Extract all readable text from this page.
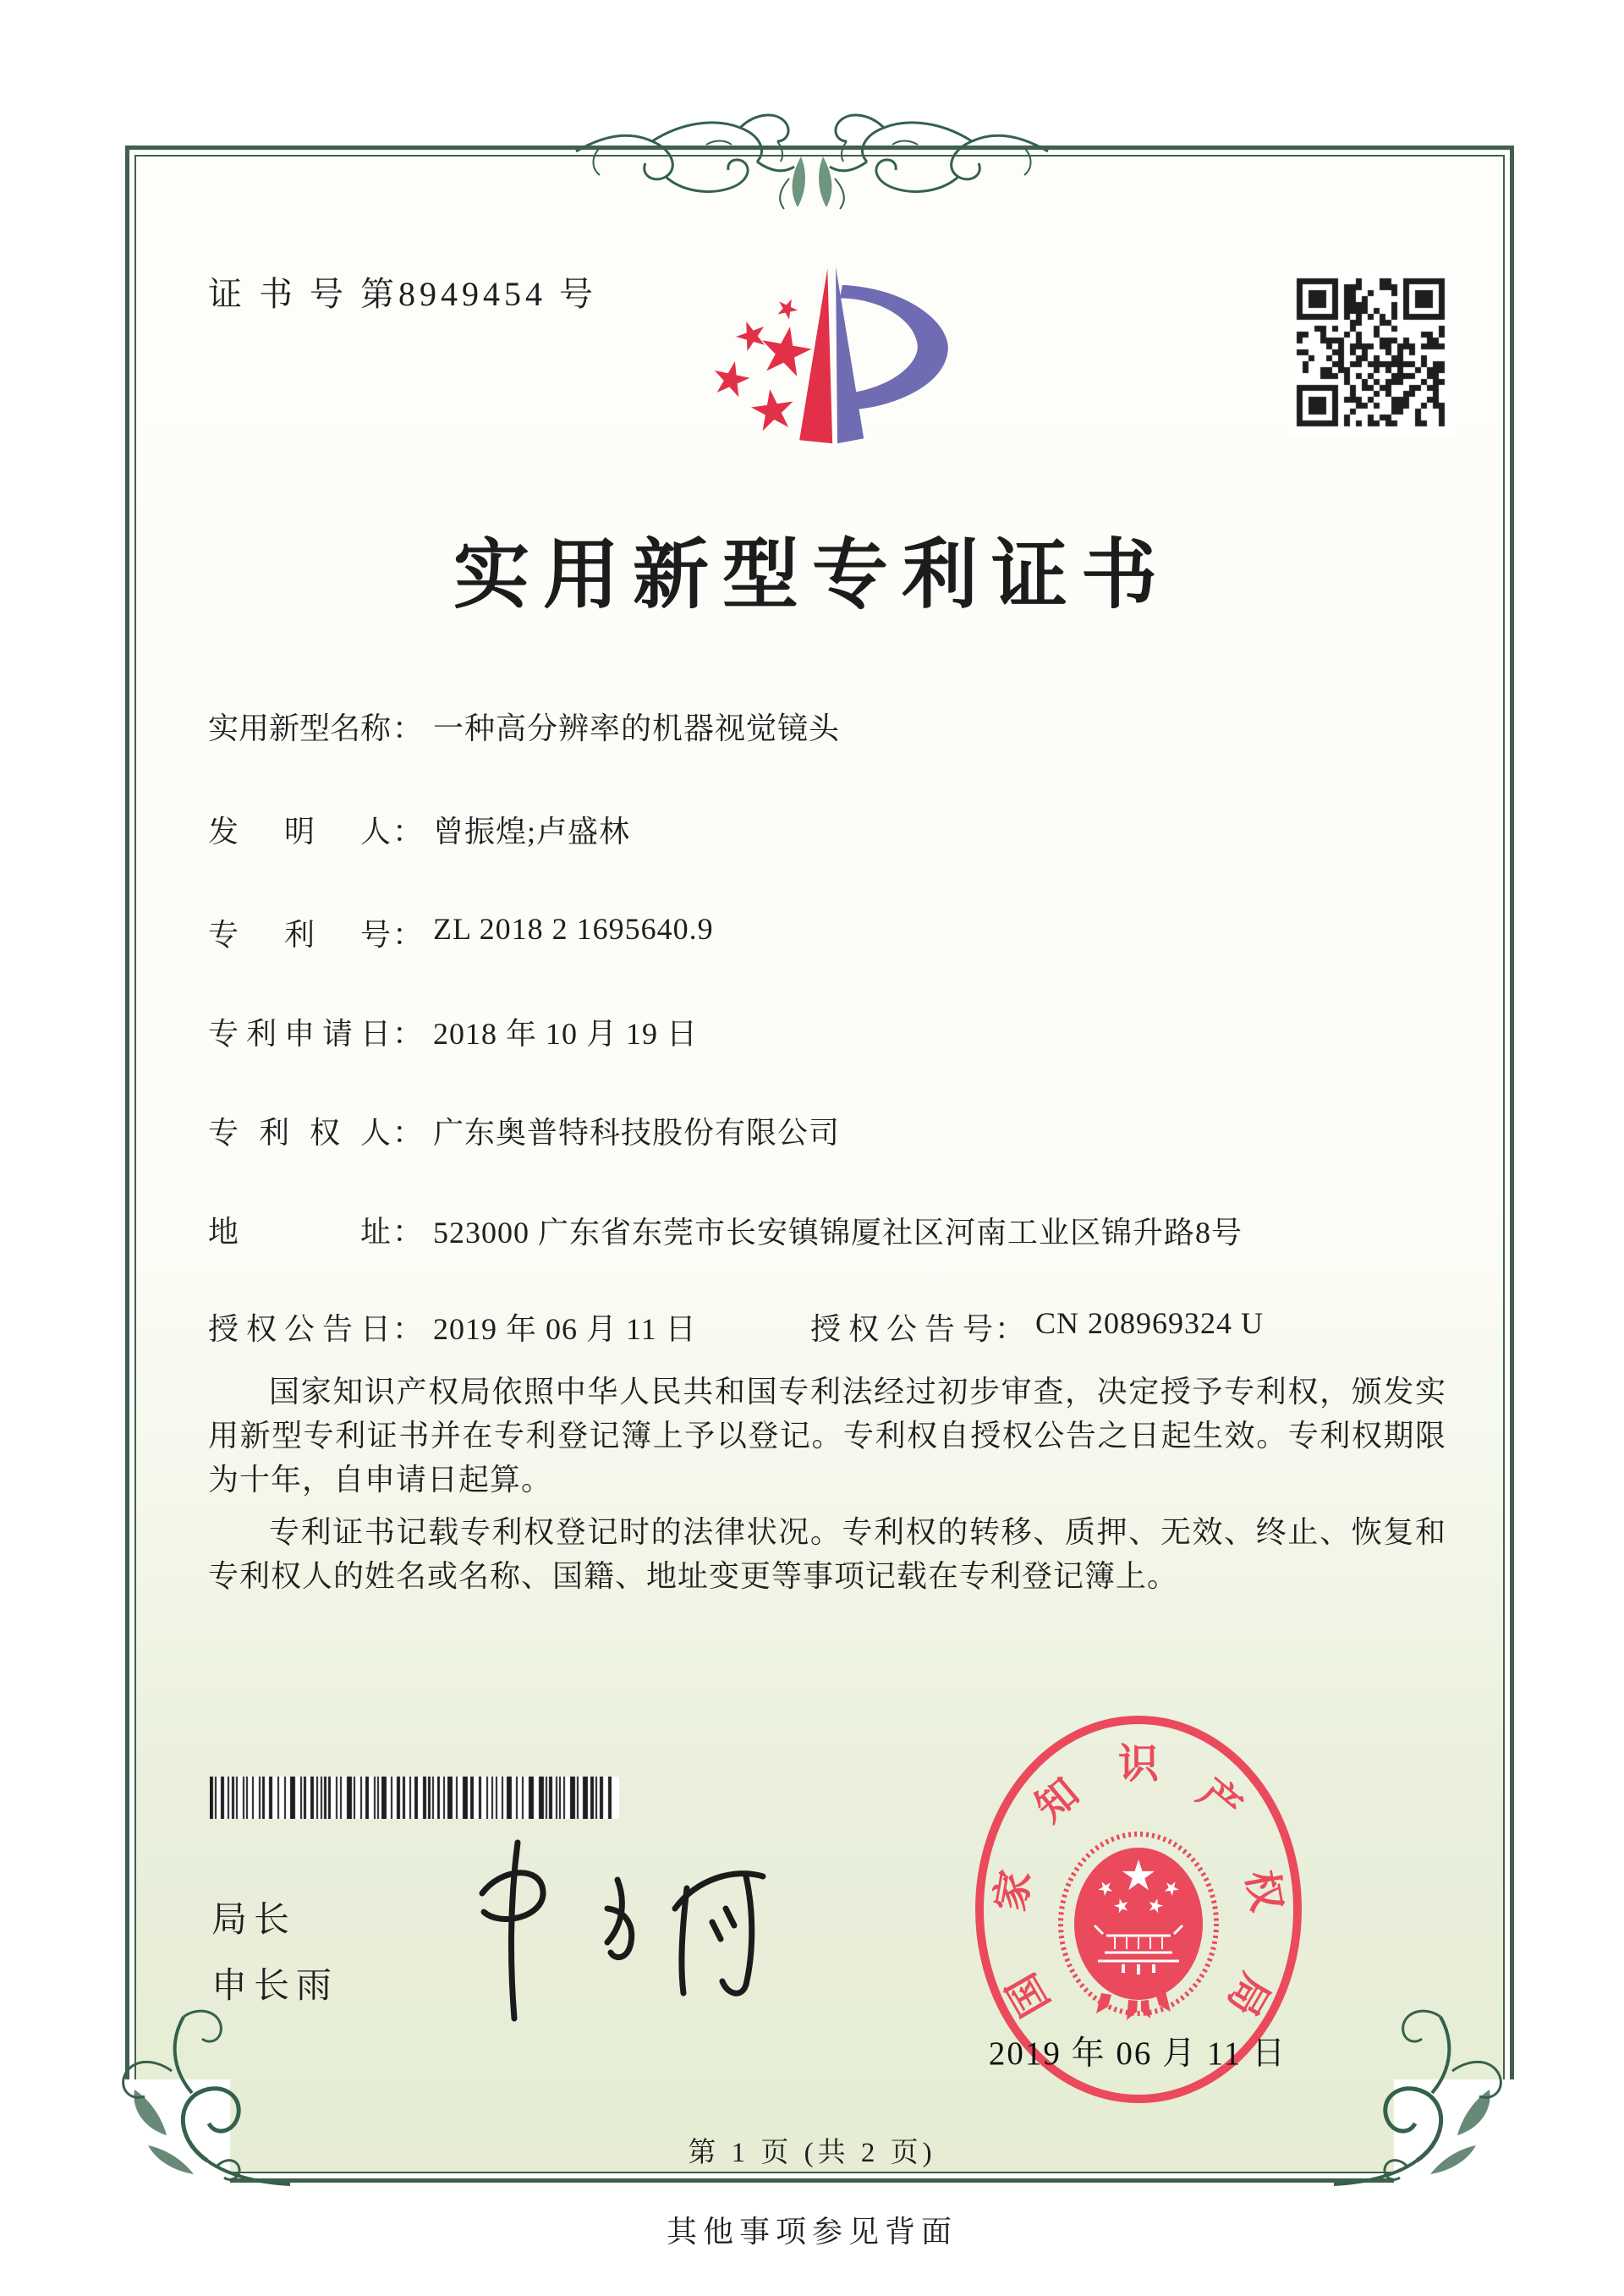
证 书 号 第8949454 号
实用新型专利证书
实用新型名称： 一种高分辨率的机器视觉镜头
发明人： 曾振煌;卢盛林
专利号： ZL 2018 2 1695640.9
专利申请日： 2018 年 10 月 19 日
专利权人： 广东奥普特科技股份有限公司
地址： 523000 广东省东莞市长安镇锦厦社区河南工业区锦升路8号
授权公告日： 2019 年 06 月 11 日	授权公告号： CN 208969324 U

国家知识产权局依照中华人民共和国专利法经过初步审查，决定授予专利权，颁发实用新型专利证书并在专利登记簿上予以登记。专利权自授权公告之日起生效。专利权期限为十年，自申请日起算。

专利证书记载专利权登记时的法律状况。专利权的转移、质押、无效、终止、恢复和专利权人的姓名或名称、国籍、地址变更等事项记载在专利登记簿上。

局长
申长雨	国
家
知
识
产
权
局
2019 年 06 月 11 日
第 1 页 (共 2 页)
其他事项参见背面
